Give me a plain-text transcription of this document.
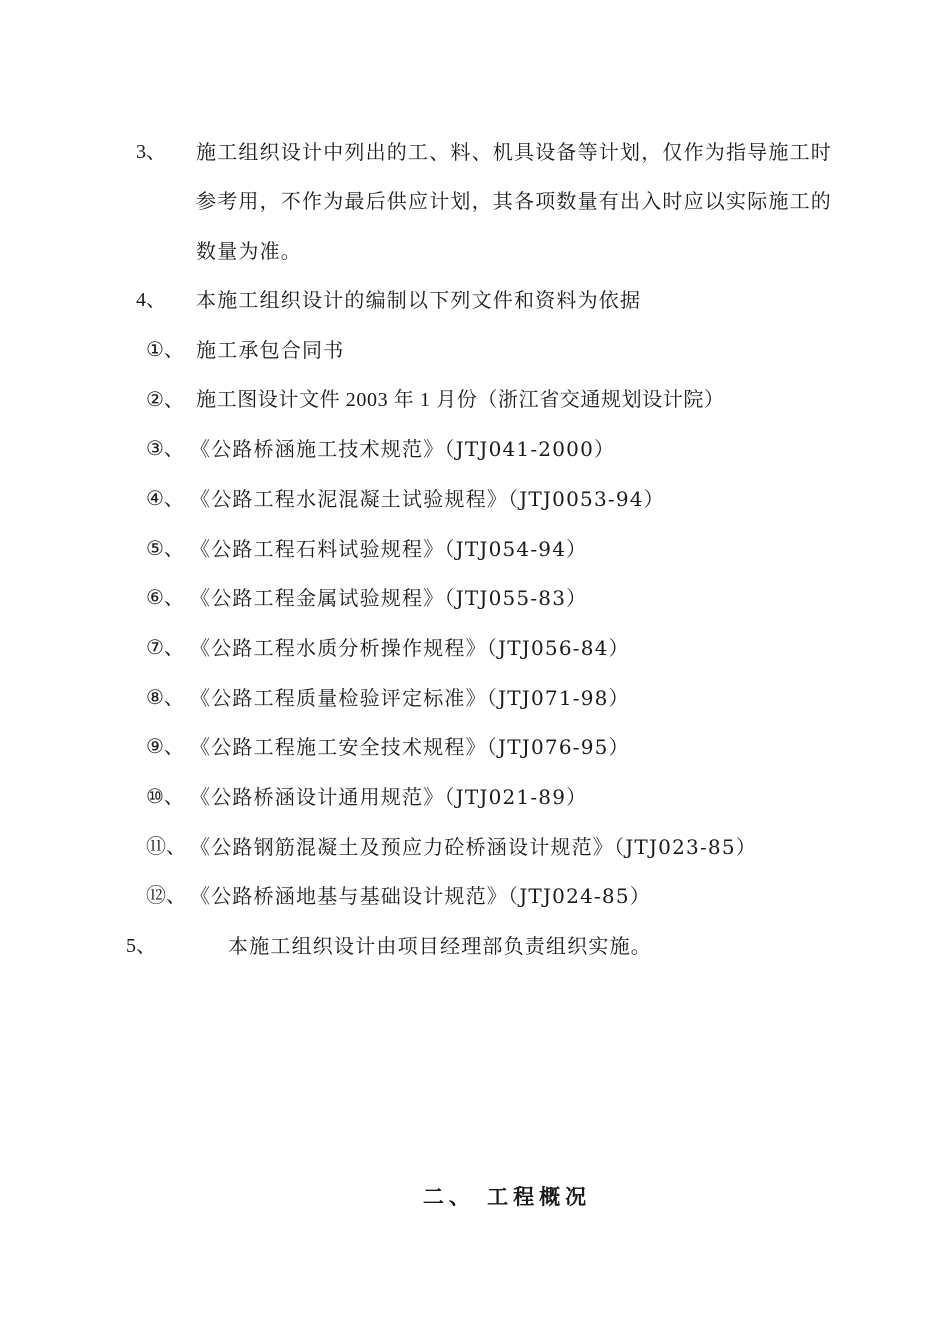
3、 施工组织设计中列出的工、料、机具设备等计划，仅作为指导施工时
参考用，不作为最后供应计划，其各项数量有出入时应以实际施工的
数量为准。
4、 本施工组织设计的编制以下列文件和资料为依据
①、 施工承包合同书
②、 施工图设计文件 2003 年 1 月份（浙江省交通规划设计院）
③、 《公路桥涵施工技术规范》（JTJ041-2000）
④、 《公路工程水泥混凝土试验规程》（JTJ0053-94）
⑤、 《公路工程石料试验规程》（JTJ054-94）
⑥、 《公路工程金属试验规程》（JTJ055-83）
⑦、 《公路工程水质分析操作规程》（JTJ056-84）
⑧、 《公路工程质量检验评定标准》（JTJ071-98）
⑨、 《公路工程施工安全技术规程》（JTJ076-95）
⑩、 《公路桥涵设计通用规范》（JTJ021-89）
⑪、 《公路钢筋混凝土及预应力砼桥涵设计规范》（JTJ023-85）
⑫、 《公路桥涵地基与基础设计规范》（JTJ024-85）
5、	本施工组织设计由项目经理部负责组织实施。
二、 工程概况
